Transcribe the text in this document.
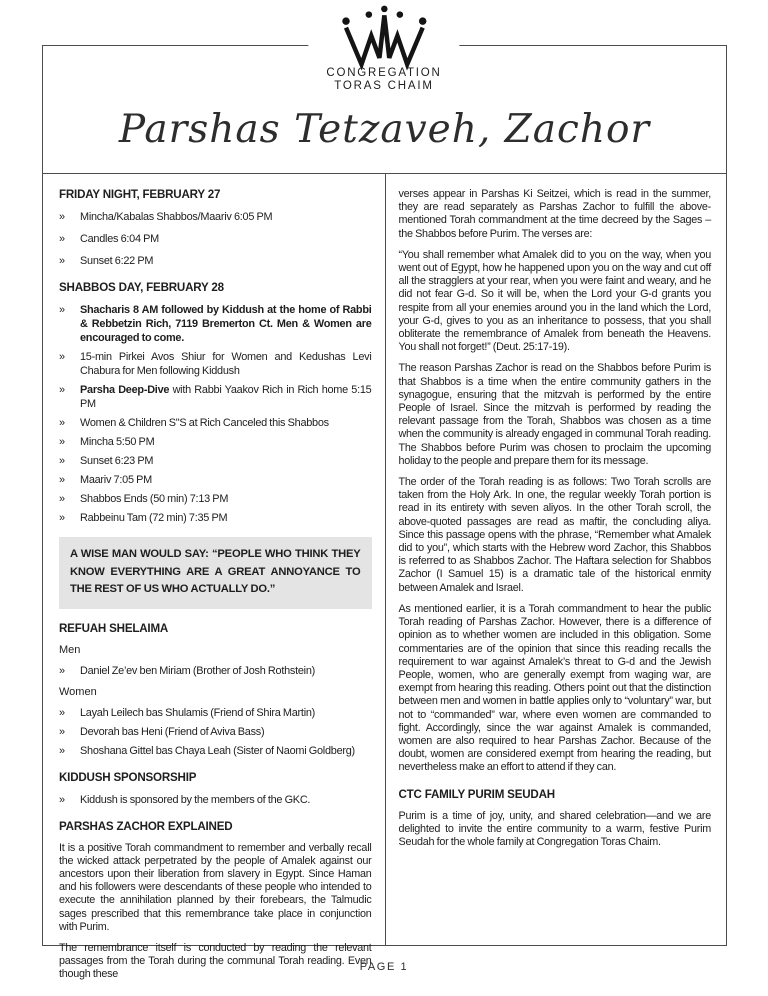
CONGREGATION
TORAS CHAIM
Parshas Tetzaveh, Zachor
FRIDAY NIGHT, FEBRUARY 27
»	Mincha/Kabalas Shabbos/Maariv 6:05 PM
»	Candles 6:04 PM
»	Sunset 6:22 PM
SHABBOS DAY, FEBRUARY 28
»	Shacharis 8 AM followed by Kiddush at the home of Rabbi & Rebbetzin Rich, 7119 Bremerton Ct. Men & Women are encouraged to come.
»	15-min Pirkei Avos Shiur for Women and Kedushas Levi Chabura for Men following Kiddush
»	Parsha Deep-Dive with Rabbi Yaakov Rich in Rich home 5:15 PM
»	Women & Children S"S at Rich Canceled this Shabbos
»	Mincha 5:50 PM
»	Sunset 6:23 PM
»	Maariv 7:05 PM
»	Shabbos Ends (50 min) 7:13 PM
»	Rabbeinu Tam (72 min) 7:35 PM
A WISE MAN WOULD SAY: “PEOPLE WHO THINK THEY KNOW EVERYTHING ARE A GREAT ANNOYANCE TO THE REST OF US WHO ACTUALLY DO.”
REFUAH SHELAIMA
Men
»	Daniel Ze’ev ben Miriam (Brother of Josh Rothstein)
Women
»	Layah Leilech bas Shulamis (Friend of Shira Martin)
»	Devorah bas Heni (Friend of Aviva Bass)
»	Shoshana Gittel bas Chaya Leah (Sister of Naomi Goldberg)
KIDDUSH SPONSORSHIP
»	Kiddush is sponsored by the members of the GKC.
PARSHAS ZACHOR EXPLAINED

It is a positive Torah commandment to remember and verbally recall the wicked attack perpetrated by the people of Amalek against our ancestors upon their liberation from slavery in Egypt. Since Haman and his followers were descendants of these people who intended to execute the annihilation planned by their forebears, the Talmudic sages prescribed that this remembrance take place in conjunction with Purim.

The remembrance itself is conducted by reading the relevant passages from the Torah during the communal Torah reading. Even though these

verses appear in Parshas Ki Seitzei, which is read in the summer, they are read separately as Parshas Zachor to fulfill the above-mentioned Torah commandment at the time decreed by the Sages – the Shabbos before Purim. The verses are:

“You shall remember what Amalek did to you on the way, when you went out of Egypt, how he happened upon you on the way and cut off all the stragglers at your rear, when you were faint and weary, and he did not fear G-d. So it will be, when the Lord your G-d grants you respite from all your enemies around you in the land which the Lord, your G-d, gives to you as an inheritance to possess, that you shall obliterate the remembrance of Amalek from beneath the Heavens. You shall not forget!” (Deut. 25:17-19).

The reason Parshas Zachor is read on the Shabbos before Purim is that Shabbos is a time when the entire community gathers in the synagogue, ensuring that the mitzvah is performed by the entire People of Israel. Since the mitzvah is performed by reading the relevant passage from the Torah, Shabbos was chosen as a time when the community is already engaged in communal Torah reading. The Shabbos before Purim was chosen to proclaim the upcoming holiday to the people and prepare them for its message.

The order of the Torah reading is as follows: Two Torah scrolls are taken from the Holy Ark. In one, the regular weekly Torah portion is read in its entirety with seven aliyos. In the other Torah scroll, the above-quoted passages are read as maftir, the concluding aliya. Since this passage opens with the phrase, “Remember what Amalek did to you”, which starts with the Hebrew word Zachor, this Shabbos is referred to as Shabbos Zachor. The Haftara selection for Shabbos Zachor (I Samuel 15) is a dramatic tale of the historical enmity between Amalek and Israel.

As mentioned earlier, it is a Torah commandment to hear the public Torah reading of Parshas Zachor. However, there is a difference of opinion as to whether women are included in this obligation. Some commentaries are of the opinion that since this reading recalls the requirement to war against Amalek’s threat to G-d and the Jewish People, women, who are generally exempt from waging war, are exempt from hearing this reading. Others point out that the distinction between men and women in battle applies only to “voluntary” war, but not to “commanded” war, where even women are commanded to fight. Accordingly, since the war against Amalek is commanded, women are also required to hear Parshas Zachor. Because of the doubt, women are considered exempt from hearing the reading, but nevertheless make an effort to attend if they can.

CTC FAMILY PURIM SEUDAH

Purim is a time of joy, unity, and shared celebration—and we are delighted to invite the entire community to a warm, festive Purim Seudah for the whole family at Congregation Toras Chaim.

PAGE 1
